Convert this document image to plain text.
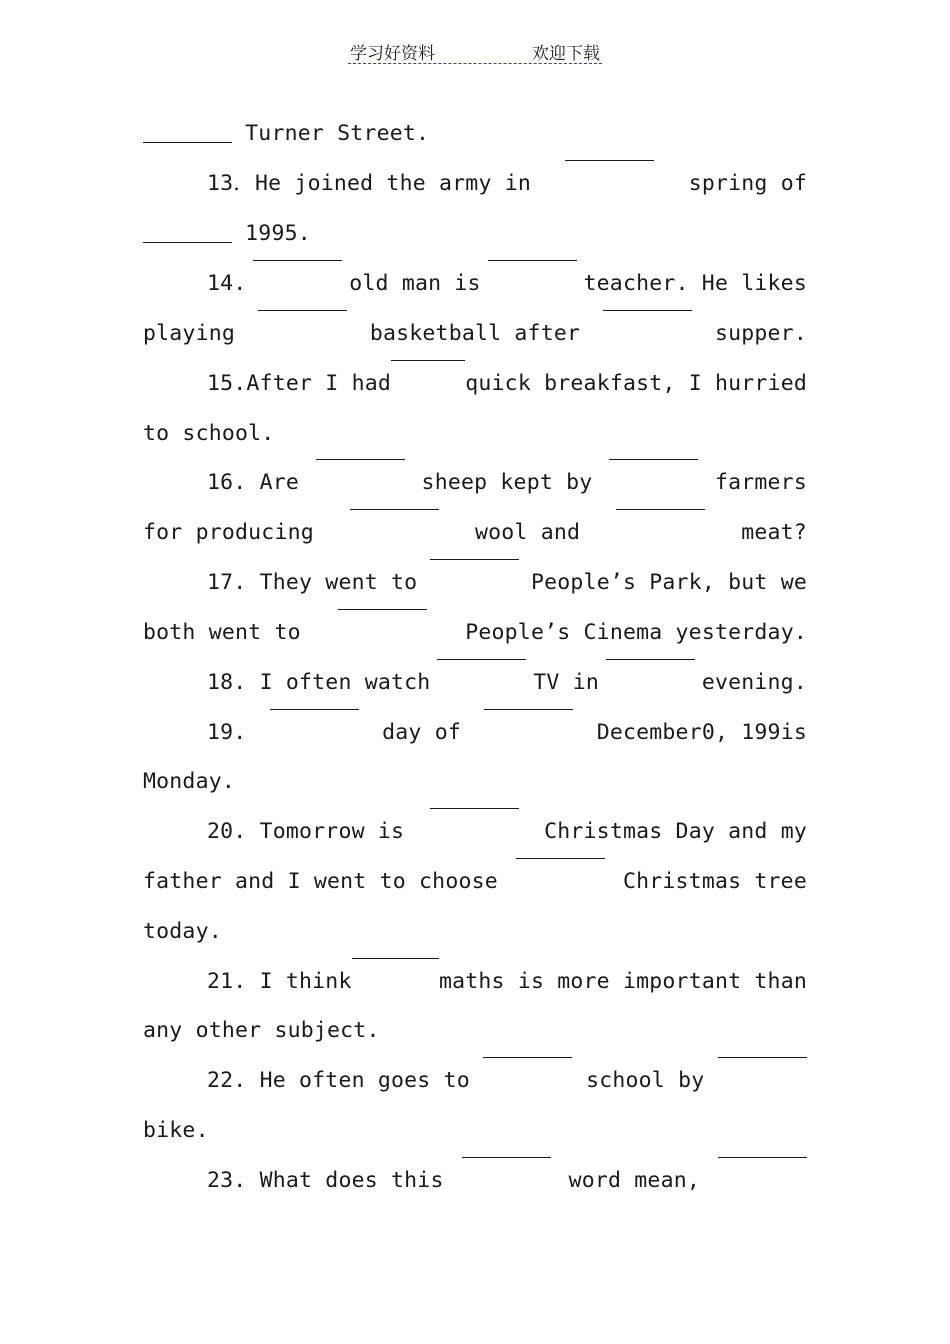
学习好资料	欢迎下载
Turner Street.
13．He joined the army in	spring of
1995.
14.	old man is	teacher. He likes
playing	basketball after	supper.
15.After I had	quick breakfast, I hurried
to school.
16. Are	sheep kept by	farmers
for producing	wool and	meat?
17. They went to	People’s Park, but we
both went to	People’s Cinema yesterday.
18. I often watch	TV in	evening.
19.	day of	December0, 199is
Monday.
20. Tomorrow is	Christmas Day and my
father and I went to choose	Christmas tree
today.
21. I think	maths is more important than
any other subject.
22. He often goes to	school by
bike.
23. What does this	word mean,
